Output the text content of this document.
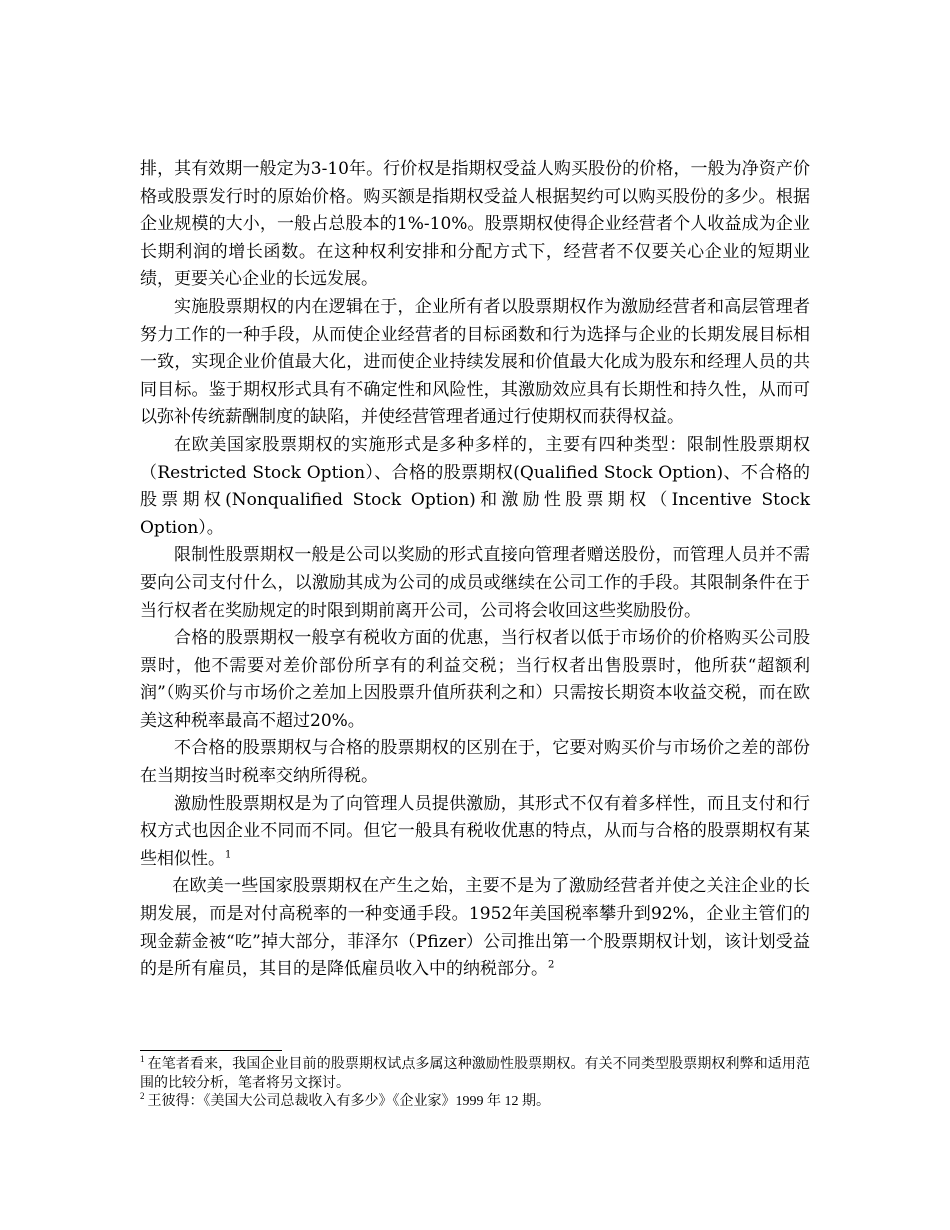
排，其有效期一般定为3-10年。行价权是指期权受益人购买股份的价格，一般为净资产价格或股票发行时的原始价格。购买额是指期权受益人根据契约可以购买股份的多少。根据企业规模的大小，一般占总股本的1%-10%。股票期权使得企业经营者个人收益成为企业长期利润的增长函数。在这种权利安排和分配方式下，经营者不仅要关心企业的短期业绩，更要关心企业的长远发展。

实施股票期权的内在逻辑在于，企业所有者以股票期权作为激励经营者和高层管理者努力工作的一种手段，从而使企业经营者的目标函数和行为选择与企业的长期发展目标相一致，实现企业价值最大化，进而使企业持续发展和价值最大化成为股东和经理人员的共同目标。鉴于期权形式具有不确定性和风险性，其激励效应具有长期性和持久性，从而可以弥补传统薪酬制度的缺陷，并使经营管理者通过行使期权而获得权益。

在欧美国家股票期权的实施形式是多种多样的，主要有四种类型：限制性股票期权（Restricted Stock Option）、合格的股票期权(Qualified Stock Option)、不合格的股票期权(Nonqualified Stock Option)和激励性股票期权（Incentive Stock Option）。

限制性股票期权一般是公司以奖励的形式直接向管理者赠送股份，而管理人员并不需要向公司支付什么，以激励其成为公司的成员或继续在公司工作的手段。其限制条件在于当行权者在奖励规定的时限到期前离开公司，公司将会收回这些奖励股份。

合格的股票期权一般享有税收方面的优惠，当行权者以低于市场价的价格购买公司股票时，他不需要对差价部份所享有的利益交税；当行权者出售股票时，他所获“超额利润”（购买价与市场价之差加上因股票升值所获利之和）只需按长期资本收益交税，而在欧美这种税率最高不超过20%。

不合格的股票期权与合格的股票期权的区别在于，它要对购买价与市场价之差的部份在当期按当时税率交纳所得税。

激励性股票期权是为了向管理人员提供激励，其形式不仅有着多样性，而且支付和行权方式也因企业不同而不同。但它一般具有税收优惠的特点，从而与合格的股票期权有某些相似性。$^1$

在欧美一些国家股票期权在产生之始，主要不是为了激励经营者并使之关注企业的长期发展，而是对付高税率的一种变通手段。1952年美国税率攀升到92%，企业主管们的现金薪金被“吃”掉大部分，菲泽尔（Pfizer）公司推出第一个股票期权计划，该计划受益的是所有雇员，其目的是降低雇员收入中的纳税部分。$^2$

$^1$ 在笔者看来，我国企业目前的股票期权试点多属这种激励性股票期权。有关不同类型股票期权利弊和适用范围的比较分析，笔者将另文探讨。

$^2$ 王彼得：《美国大公司总裁收入有多少》《企业家》1999 年 12 期。
